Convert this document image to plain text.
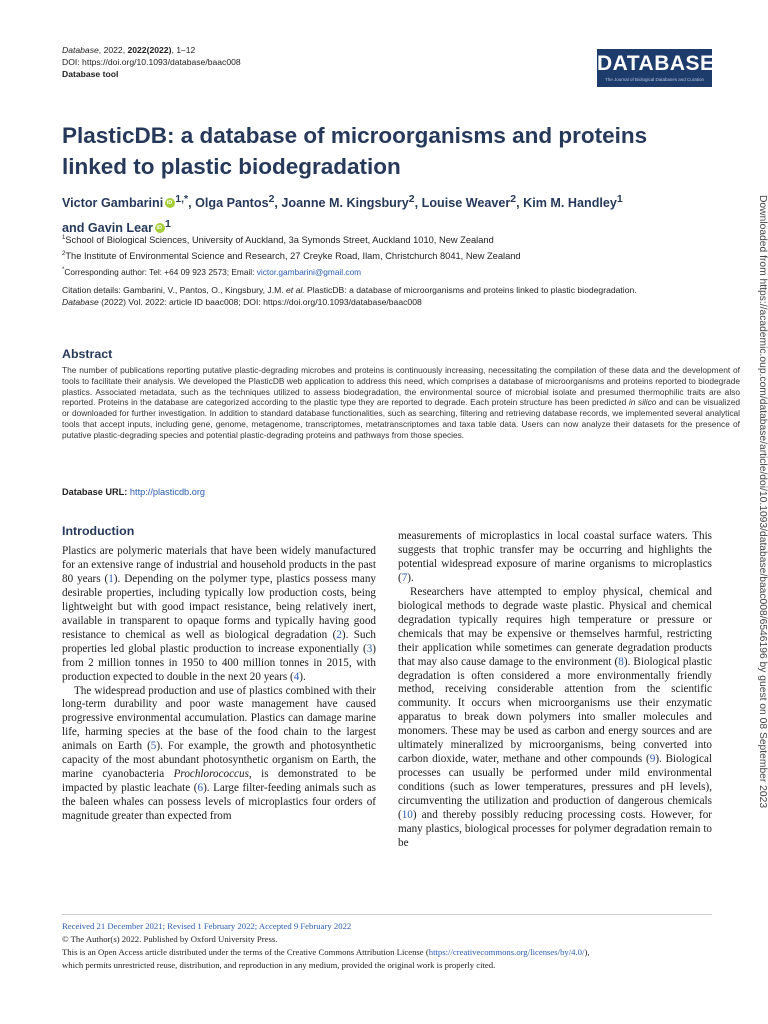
Database, 2022, 2022(2022), 1–12
DOI: https://doi.org/10.1093/database/baac008
Database tool	DATABASE
The Journal of Biological Databases and Curation
PlasticDB: a database of microorganisms and proteins linked to plastic biodegradation
Victor Gambarini iD $^{1,*}$, Olga Pantos$^2$, Joanne M. Kingsbury$^2$, Louise Weaver$^2$, Kim M. Handley$^1$
and Gavin Lear iD $^1$
$^1$School of Biological Sciences, University of Auckland, 3a Symonds Street, Auckland 1010, New Zealand
$^2$The Institute of Environmental Science and Research, 27 Creyke Road, Ilam, Christchurch 8041, New Zealand
*Corresponding author: Tel: +64 09 923 2573; Email: victor.gambarini@gmail.com
Citation details: Gambarini, V., Pantos, O., Kingsbury, J.M. et al. PlasticDB: a database of microorganisms and proteins linked to plastic biodegradation.
Database (2022) Vol. 2022: article ID baac008; DOI: https://doi.org/10.1093/database/baac008
Abstract
The number of publications reporting putative plastic-degrading microbes and proteins is continuously increasing, necessitating the compilation of these data and the development of tools to facilitate their analysis. We developed the PlasticDB web application to address this need, which comprises a database of microorganisms and proteins reported to biodegrade plastics. Associated metadata, such as the techniques utilized to assess biodegradation, the environmental source of microbial isolate and presumed thermophilic traits are also reported. Proteins in the database are categorized according to the plastic type they are reported to degrade. Each protein structure has been predicted in silico and can be visualized or downloaded for further investigation. In addition to standard database functionalities, such as searching, filtering and retrieving database records, we implemented several analytical tools that accept inputs, including gene, genome, metagenome, transcriptomes, metatranscriptomes and taxa table data. Users can now analyze their datasets for the presence of putative plastic-degrading species and potential plastic-degrading proteins and pathways from those species.
Database URL: http://plasticdb.org
Introduction

Plastics are polymeric materials that have been widely manufactured for an extensive range of industrial and household products in the past 80 years (1). Depending on the polymer type, plastics possess many desirable properties, including typically low production costs, being lightweight but with good impact resistance, being relatively inert, available in transparent to opaque forms and typically having good resistance to chemical as well as biological degradation (2). Such properties led global plastic production to increase exponentially (3) from 2 million tonnes in 1950 to 400 million tonnes in 2015, with production expected to double in the next 20 years (4).

The widespread production and use of plastics combined with their long-term durability and poor waste management have caused progressive environmental accumulation. Plastics can damage marine life, harming species at the base of the food chain to the largest animals on Earth (5). For example, the growth and photosynthetic capacity of the most abundant photosynthetic organism on Earth, the marine cyanobacteria Prochlorococcus, is demonstrated to be impacted by plastic leachate (6). Large filter-feeding animals such as the baleen whales can possess levels of microplastics four orders of magnitude greater than expected from

measurements of microplastics in local coastal surface waters. This suggests that trophic transfer may be occurring and highlights the potential widespread exposure of marine organisms to microplastics (7).

Researchers have attempted to employ physical, chemical and biological methods to degrade waste plastic. Physical and chemical degradation typically requires high temperature or pressure or chemicals that may be expensive or themselves harmful, restricting their application while sometimes can generate degradation products that may also cause damage to the environment (8). Biological plastic degradation is often considered a more environmentally friendly method, receiving considerable attention from the scientific community. It occurs when microorganisms use their enzymatic apparatus to break down polymers into smaller molecules and monomers. These may be used as carbon and energy sources and are ultimately mineralized by microorganisms, being converted into carbon dioxide, water, methane and other compounds (9). Biological processes can usually be performed under mild environmental conditions (such as lower temperatures, pressures and pH levels), circumventing the utilization and production of dangerous chemicals (10) and thereby possibly reducing processing costs. However, for many plastics, biological processes for polymer degradation remain to be

Downloaded from https://academic.oup.com/database/article/doi/10.1093/database/baac008/6546196 by guest on 08 September 2023
Received 21 December 2021; Revised 1 February 2022; Accepted 9 February 2022
© The Author(s) 2022. Published by Oxford University Press.
This is an Open Access article distributed under the terms of the Creative Commons Attribution License (https://creativecommons.org/licenses/by/4.0/),
which permits unrestricted reuse, distribution, and reproduction in any medium, provided the original work is properly cited.
